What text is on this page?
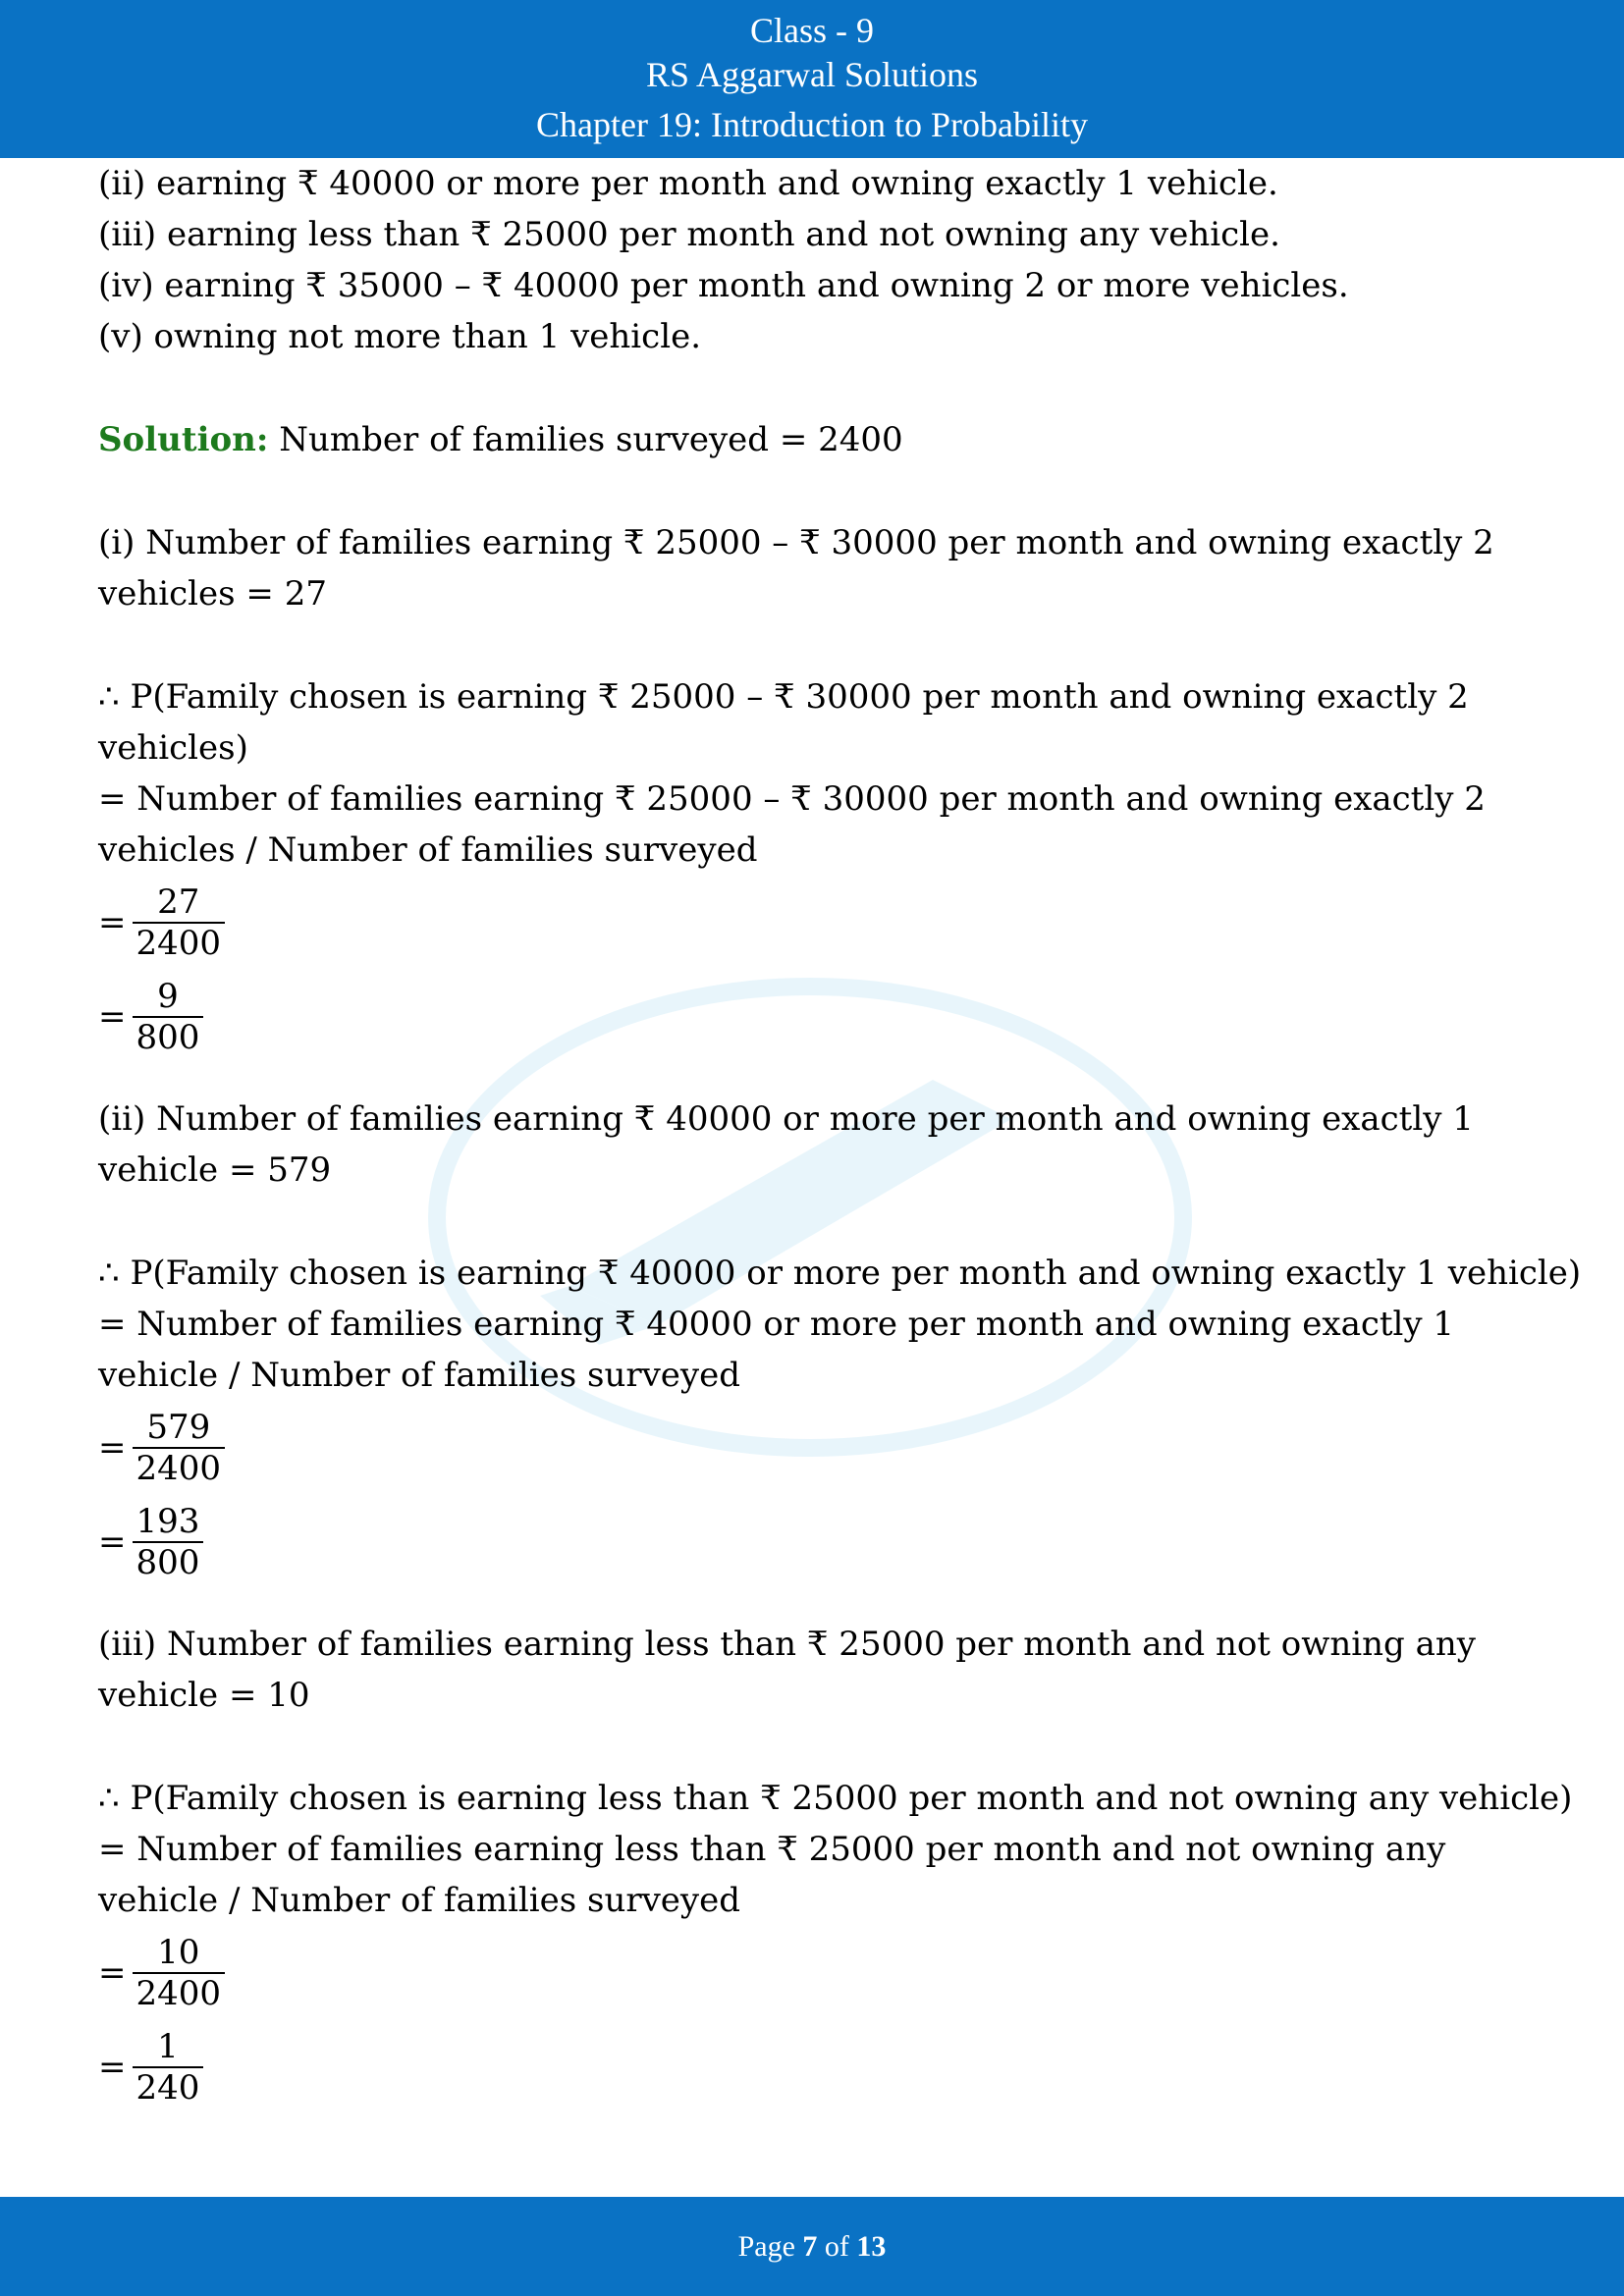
Class - 9
RS Aggarwal Solutions
Chapter 19: Introduction to Probability
(ii) earning ₹ 40000 or more per month and owning exactly 1 vehicle.
(iii) earning less than ₹ 25000 per month and not owning any vehicle.
(iv) earning ₹ 35000 – ₹ 40000 per month and owning 2 or more vehicles.
(v) owning not more than 1 vehicle.
Solution: Number of families surveyed = 2400
(i) Number of families earning ₹ 25000 – ₹ 30000 per month and owning exactly 2
vehicles = 27
∴ P(Family chosen is earning ₹ 25000 – ₹ 30000 per month and owning exactly 2
vehicles)
= Number of families earning ₹ 25000 – ₹ 30000 per month and owning exactly 2
vehicles / Number of families surveyed
= $\frac{27}{2400}$
= $\frac{9}{800}$
(ii) Number of families earning ₹ 40000 or more per month and owning exactly 1
vehicle = 579
∴ P(Family chosen is earning ₹ 40000 or more per month and owning exactly 1 vehicle)
= Number of families earning ₹ 40000 or more per month and owning exactly 1
vehicle / Number of families surveyed
= $\frac{579}{2400}$
= $\frac{193}{800}$
(iii) Number of families earning less than ₹ 25000 per month and not owning any
vehicle = 10
∴ P(Family chosen is earning less than ₹ 25000 per month and not owning any vehicle)
= Number of families earning less than ₹ 25000 per month and not owning any
vehicle / Number of families surveyed
= $\frac{10}{2400}$
= $\frac{1}{240}$
Page 7 of 13
